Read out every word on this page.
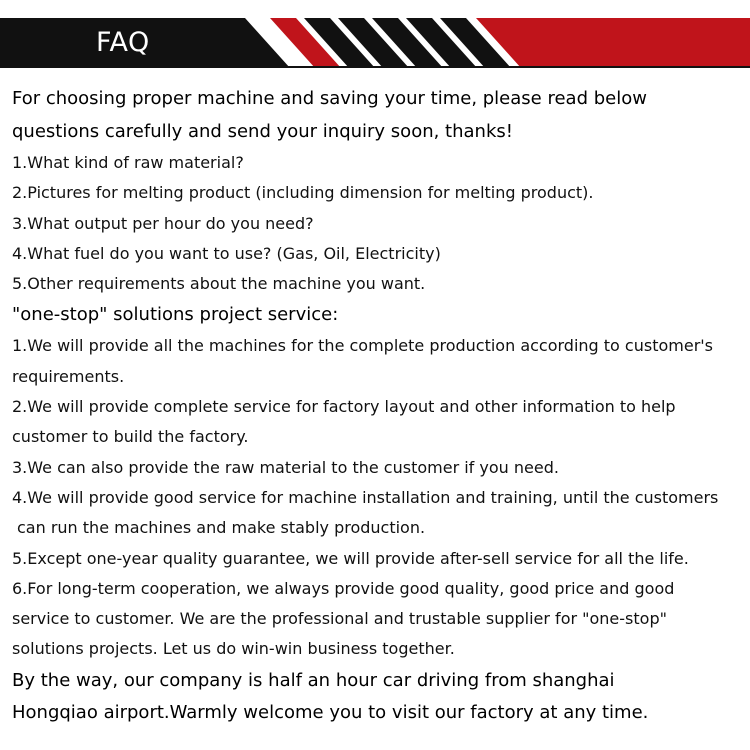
FAQ

For choosing proper machine and saving your time, please read below

questions carefully and send your inquiry soon, thanks!

1.What kind of raw material?

2.Pictures for melting product (including dimension for melting product).

3.What output per hour do you need?

4.What fuel do you want to use? (Gas, Oil, Electricity)

5.Other requirements about the machine you want.

"one-stop" solutions project service:

1.We will provide all the machines for the complete production according to customer's

requirements.

2.We will provide complete service for factory layout and other information to help

customer to build the factory.

3.We can also provide the raw material to the customer if you need.

4.We will provide good service for machine installation and training, until the customers

can run the machines and make stably production.

5.Except one-year quality guarantee, we will provide after-sell service for all the life.

6.For long-term cooperation, we always provide good quality, good price and good

service to customer. We are the professional and trustable supplier for "one-stop"

solutions projects. Let us do win-win business together.

By the way, our company is half an hour car driving from shanghai

Hongqiao airport.Warmly welcome you to visit our factory at any time.
